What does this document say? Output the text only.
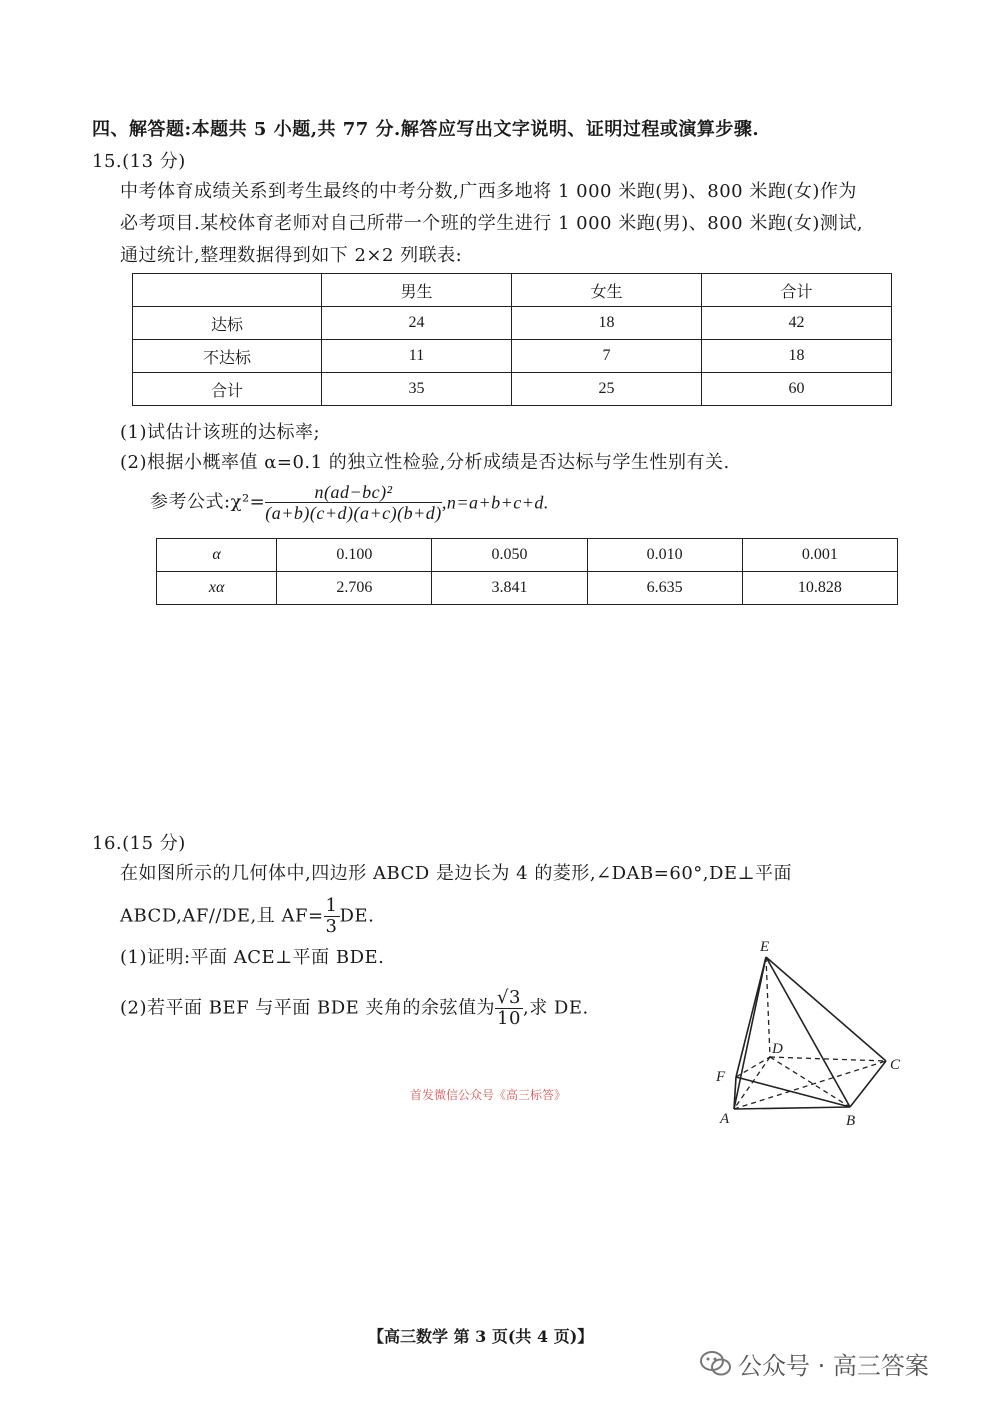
四、解答题:本题共 5 小题,共 77 分.解答应写出文字说明、证明过程或演算步骤.
15.(13 分)
中考体育成绩关系到考生最终的中考分数,广西多地将 1 000 米跑(男)、800 米跑(女)作为
必考项目.某校体育老师对自己所带一个班的学生进行 1 000 米跑(男)、800 米跑(女)测试,
通过统计,整理数据得到如下 2×2 列联表:
	男生	女生	合计
达标	24	18	42
不达标	11	7	18
合计	35	25	60
(1)试估计该班的达标率;
(2)根据小概率值 α=0.1 的独立性检验,分析成绩是否达标与学生性别有关.
参考公式:χ²= $\frac{\text{n(ad−bc)²}}{(a+b)(c+d)(a+c)(b+d)} ,n=a+b+c+d$.
α	0.100	0.050	0.010	0.001
xα	2.706	3.841	6.635	10.828
16.(15 分)
在如图所示的几何体中,四边形 ABCD 是边长为 4 的菱形,∠DAB=60°,DE⊥平面
ABCD,AF//DE,且 $AF= \frac{1}{3}$ DE.
(1)证明:平面 ACE⊥平面 BDE.
(2)若平面 BEF 与平面 BDE 夹角的余弦值为 $\frac{√3}{10}$ ,求 DE.
E
D
C
F
A	B
首发微信公众号《高三标答》
【高三数学 第 3 页(共 4 页)】
公众号 · 高三答案
